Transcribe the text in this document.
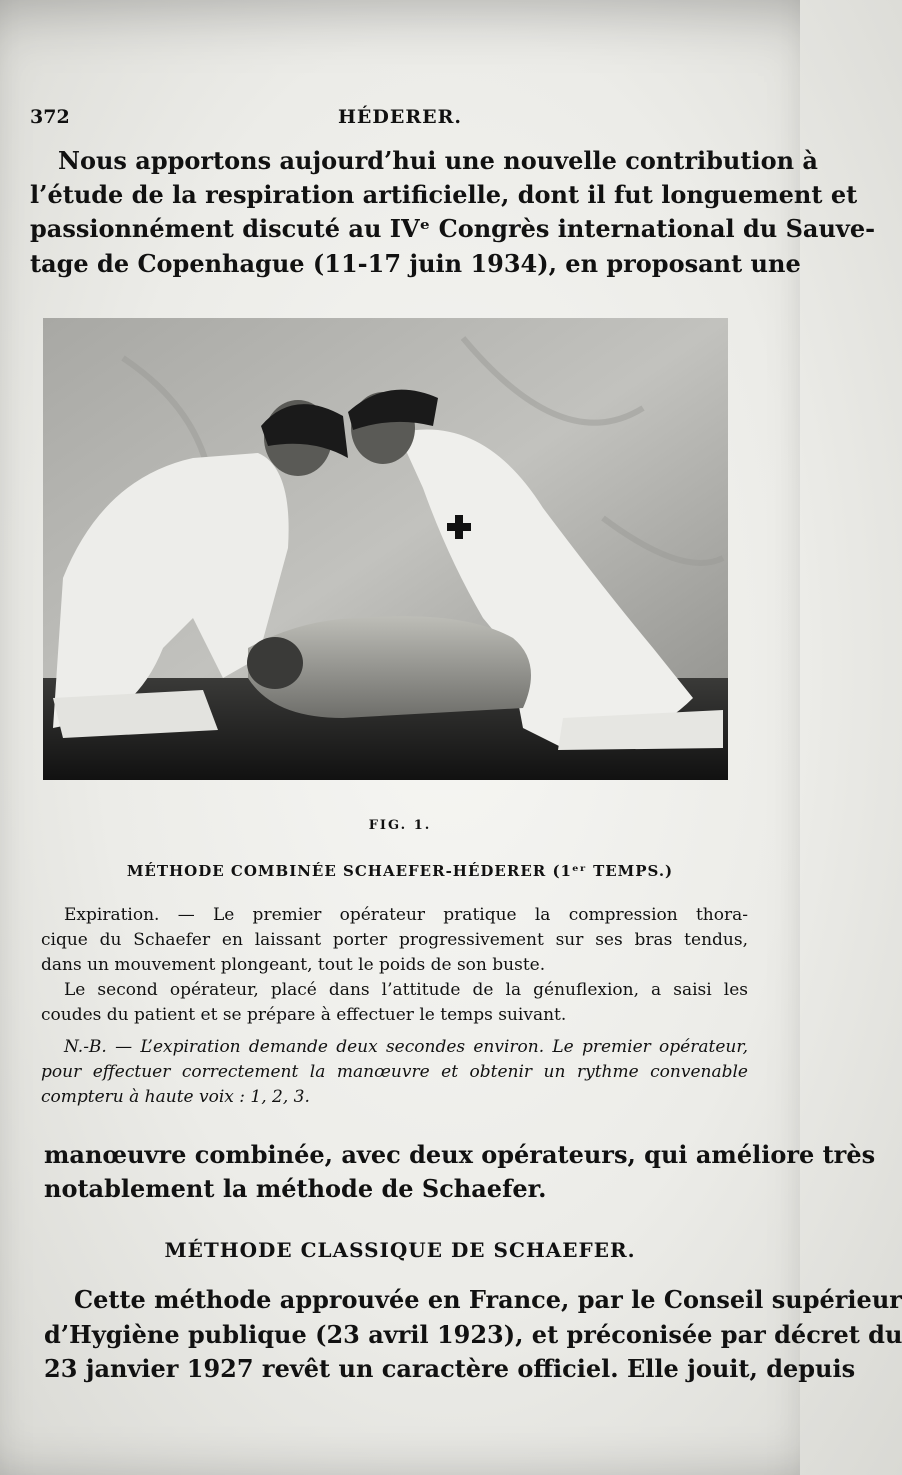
372	HÉDERER.
Nous apportons aujourd’hui une nouvelle contribution à
l’étude de la respiration artificielle, dont il fut longuement et
passionnément discuté au IVᵉ Congrès international du Sauve-
tage de Copenhague (11-17 juin 1934), en proposant une
FIG. 1.
MÉTHODE COMBINÉE SCHAEFER-HÉDERER (1ᵉʳ TEMPS.)
Expiration. — Le premier opérateur pratique la compression thora-
cique du Schaefer en laissant porter progressivement sur ses bras tendus,
dans un mouvement plongeant, tout le poids de son buste.
Le second opérateur, placé dans l’attitude de la génuflexion, a saisi les
coudes du patient et se prépare à effectuer le temps suivant.
N.-B. — L’expiration demande deux secondes environ. Le premier opérateur,
pour effectuer correctement la manœuvre et obtenir un rythme convenable
compteru à haute voix : 1, 2, 3.
manœuvre combinée, avec deux opérateurs, qui améliore très
notablement la méthode de Schaefer.
MÉTHODE CLASSIQUE DE SCHAEFER.
Cette méthode approuvée en France, par le Conseil supérieur
d’Hygiène publique (23 avril 1923), et préconisée par décret du
23 janvier 1927 revêt un caractère officiel. Elle jouit, depuis
